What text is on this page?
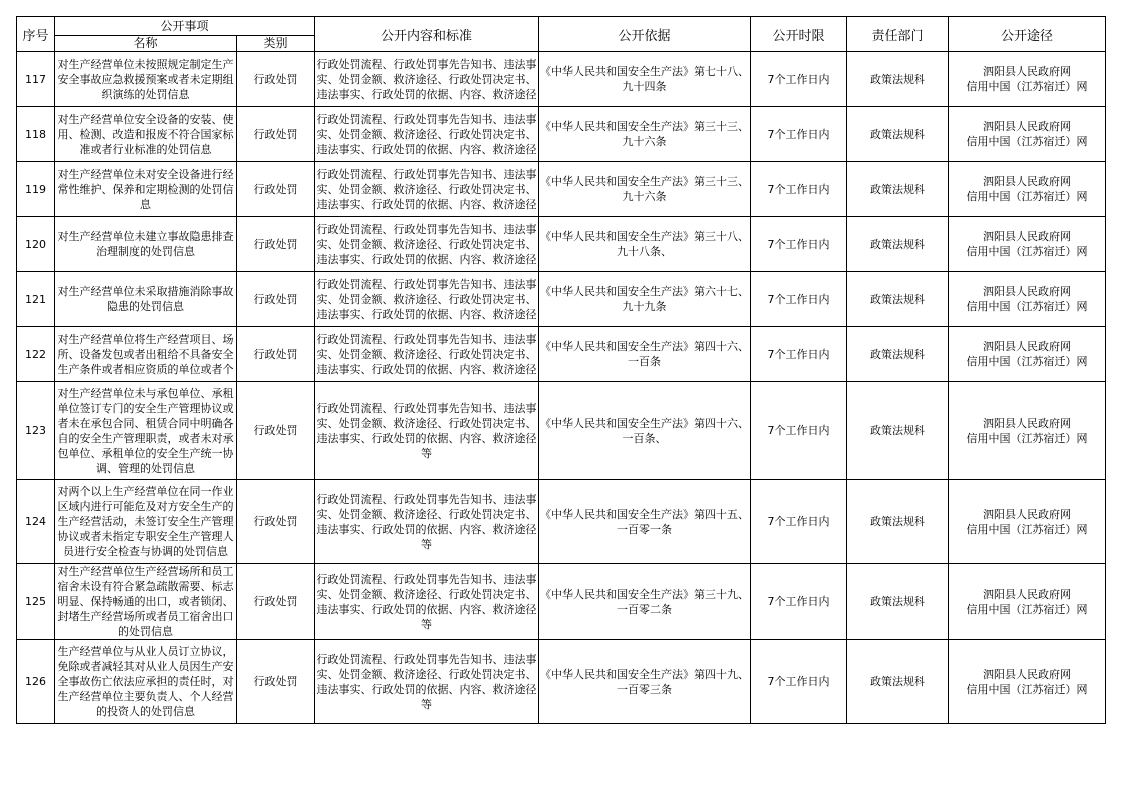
序号	公开事项		公开内容和标准	公开依据	公开时限	责任部门	公开途径
	名称	类别					
117	对生产经营单位未按照规定制定生产安全事故应急救援预案或者未定期组织演练的处罚信息	行政处罚	行政处罚流程、行政处罚事先告知书、违法事实、处罚金额、救济途径、行政处罚决定书、违法事实、行政处罚的依据、内容、救济途径	《中华人民共和国安全生产法》第七十八、九十四条	7个工作日内	政策法规科	泗阳县人民政府网
信用中国（江苏宿迁）网

118	对生产经营单位安全设备的安装、使用、检测、改造和报废不符合国家标准或者行业标准的处罚信息	行政处罚	行政处罚流程、行政处罚事先告知书、违法事实、处罚金额、救济途径、行政处罚决定书、违法事实、行政处罚的依据、内容、救济途径	《中华人民共和国安全生产法》第三十三、九十六条	7个工作日内	政策法规科	泗阳县人民政府网
信用中国（江苏宿迁）网

119	对生产经营单位未对安全设备进行经常性维护、保养和定期检测的处罚信息	行政处罚	行政处罚流程、行政处罚事先告知书、违法事实、处罚金额、救济途径、行政处罚决定书、违法事实、行政处罚的依据、内容、救济途径	《中华人民共和国安全生产法》第三十三、九十六条	7个工作日内	政策法规科	泗阳县人民政府网
信用中国（江苏宿迁）网

120	对生产经营单位未建立事故隐患排查治理制度的处罚信息	行政处罚	行政处罚流程、行政处罚事先告知书、违法事实、处罚金额、救济途径、行政处罚决定书、违法事实、行政处罚的依据、内容、救济途径	《中华人民共和国安全生产法》第三十八、九十八条、	7个工作日内	政策法规科	泗阳县人民政府网
信用中国（江苏宿迁）网

121	对生产经营单位未采取措施消除事故隐患的处罚信息	行政处罚	行政处罚流程、行政处罚事先告知书、违法事实、处罚金额、救济途径、行政处罚决定书、违法事实、行政处罚的依据、内容、救济途径	《中华人民共和国安全生产法》第六十七、九十九条	7个工作日内	政策法规科	泗阳县人民政府网
信用中国（江苏宿迁）网

122	对生产经营单位将生产经营项目、场所、设备发包或者出租给不具备安全生产条件或者相应资质的单位或者个	行政处罚	行政处罚流程、行政处罚事先告知书、违法事实、处罚金额、救济途径、行政处罚决定书、违法事实、行政处罚的依据、内容、救济途径	《中华人民共和国安全生产法》第四十六、一百条	7个工作日内	政策法规科	泗阳县人民政府网
信用中国（江苏宿迁）网

123	对生产经营单位未与承包单位、承租单位签订专门的安全生产管理协议或者未在承包合同、租赁合同中明确各自的安全生产管理职责，或者未对承包单位、承租单位的安全生产统一协调、管理的处罚信息	行政处罚	行政处罚流程、行政处罚事先告知书、违法事实、处罚金额、救济途径、行政处罚决定书、违法事实、行政处罚的依据、内容、救济途径等	《中华人民共和国安全生产法》第四十六、一百条、	7个工作日内	政策法规科	泗阳县人民政府网
信用中国（江苏宿迁）网

124	对两个以上生产经营单位在同一作业区域内进行可能危及对方安全生产的生产经营活动，未签订安全生产管理协议或者未指定专职安全生产管理人员进行安全检查与协调的处罚信息	行政处罚	行政处罚流程、行政处罚事先告知书、违法事实、处罚金额、救济途径、行政处罚决定书、违法事实、行政处罚的依据、内容、救济途径等	《中华人民共和国安全生产法》第四十五、一百零一条	7个工作日内	政策法规科	泗阳县人民政府网
信用中国（江苏宿迁）网

125	对生产经营单位生产经营场所和员工宿舍未设有符合紧急疏散需要、标志明显、保持畅通的出口，或者锁闭、封堵生产经营场所或者员工宿舍出口的处罚信息	行政处罚	行政处罚流程、行政处罚事先告知书、违法事实、处罚金额、救济途径、行政处罚决定书、违法事实、行政处罚的依据、内容、救济途径等	《中华人民共和国安全生产法》第三十九、一百零二条	7个工作日内	政策法规科	泗阳县人民政府网
信用中国（江苏宿迁）网

126	生产经营单位与从业人员订立协议，免除或者减轻其对从业人员因生产安全事故伤亡依法应承担的责任时，对生产经营单位主要负责人、个人经营的投资人的处罚信息	行政处罚	行政处罚流程、行政处罚事先告知书、违法事实、处罚金额、救济途径、行政处罚决定书、违法事实、行政处罚的依据、内容、救济途径等	《中华人民共和国安全生产法》第四十九、一百零三条	7个工作日内	政策法规科	泗阳县人民政府网
信用中国（江苏宿迁）网
